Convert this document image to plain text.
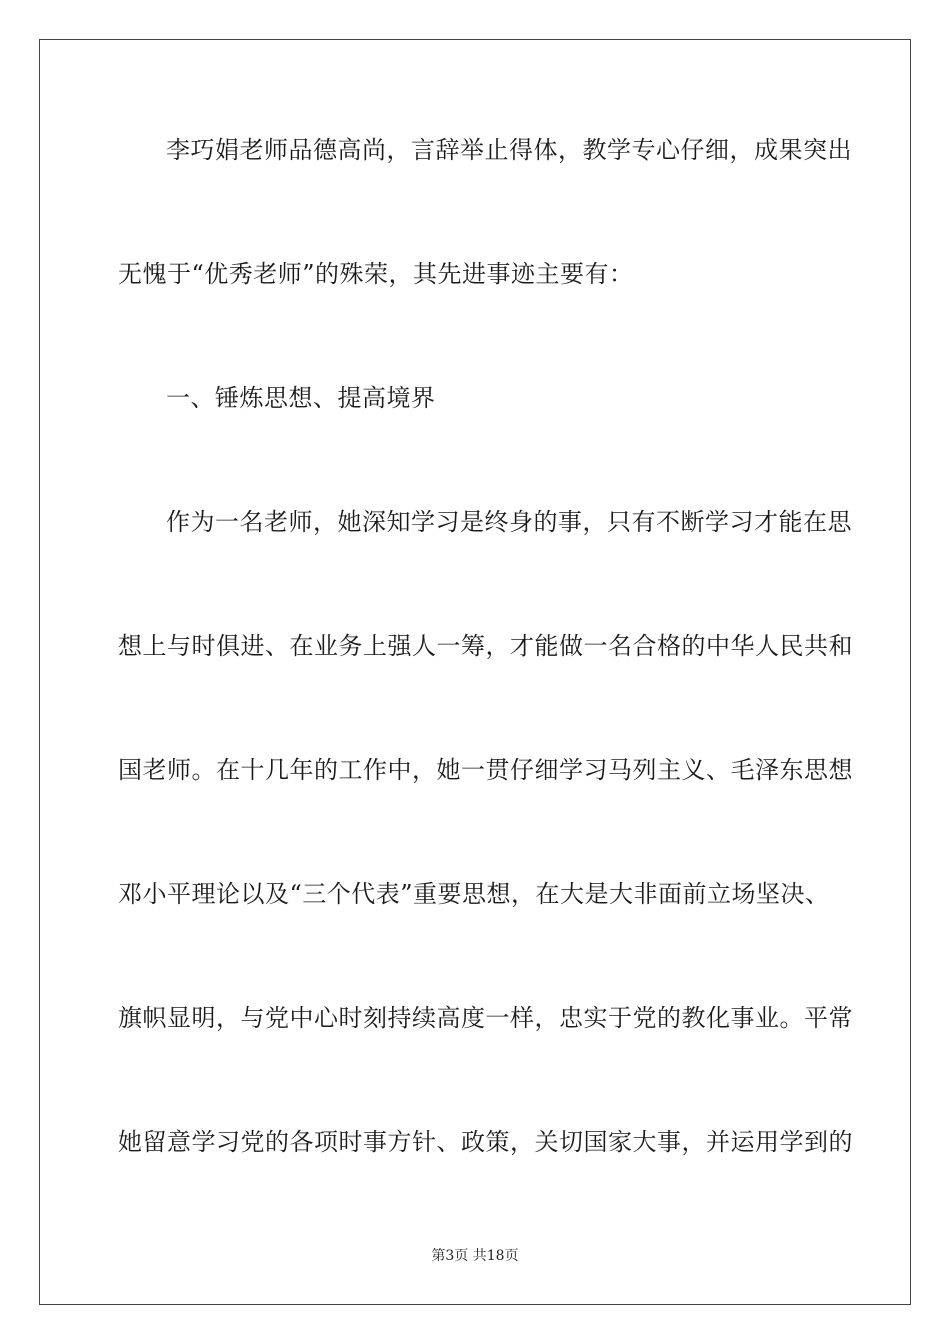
李巧娟老师品德高尚，言辞举止得体，教学专心仔细，成果突出
无愧于“优秀老师”的殊荣，其先进事迹主要有：
一、锤炼思想、提高境界
作为一名老师，她深知学习是终身的事，只有不断学习才能在思
想上与时俱进、在业务上强人一筹，才能做一名合格的中华人民共和
国老师。在十几年的工作中，她一贯仔细学习马列主义、毛泽东思想
邓小平理论以及“三个代表”重要思想，在大是大非面前立场坚决、
旗帜显明，与党中心时刻持续高度一样，忠实于党的教化事业。平常
她留意学习党的各项时事方针、政策，关切国家大事，并运用学到的
第3页 共18页
